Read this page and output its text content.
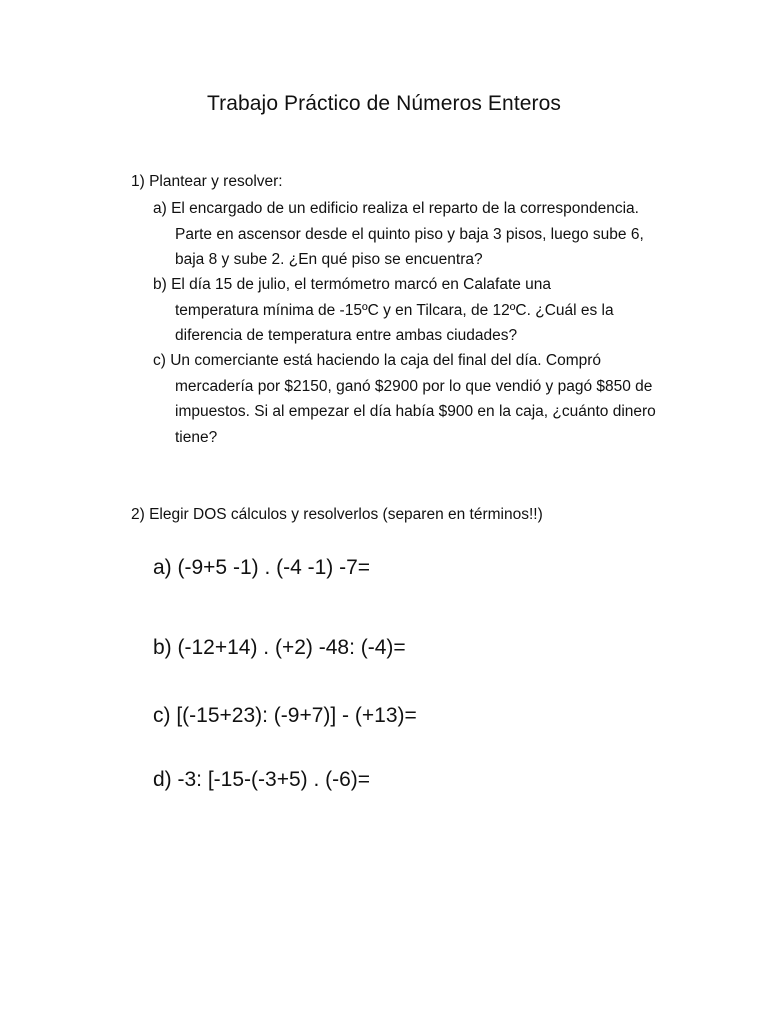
Trabajo Práctico de Números Enteros
1) Plantear y resolver:
a) El encargado de un edificio realiza el reparto de la correspondencia.
Parte en ascensor desde el quinto piso y baja 3 pisos, luego sube 6, baja 8 y sube 2. ¿En qué piso se encuentra?
b) El día 15 de julio, el termómetro marcó en Calafate una
temperatura mínima de -15ºC y en Tilcara, de 12ºC. ¿Cuál es la diferencia de temperatura entre ambas ciudades?
c) Un comerciante está haciendo la caja del final del día. Compró
mercadería por $2150, ganó $2900 por lo que vendió y pagó $850 de impuestos. Si al empezar el día había $900 en la caja, ¿cuánto dinero tiene?
2) Elegir DOS cálculos y resolverlos (separen en términos!!)
a) (-9+5 -1) . (-4 -1) -7=
b) (-12+14) . (+2) -48: (-4)=
c) [(-15+23): (-9+7)] - (+13)=
d) -3: [-15-(-3+5) . (-6)=
